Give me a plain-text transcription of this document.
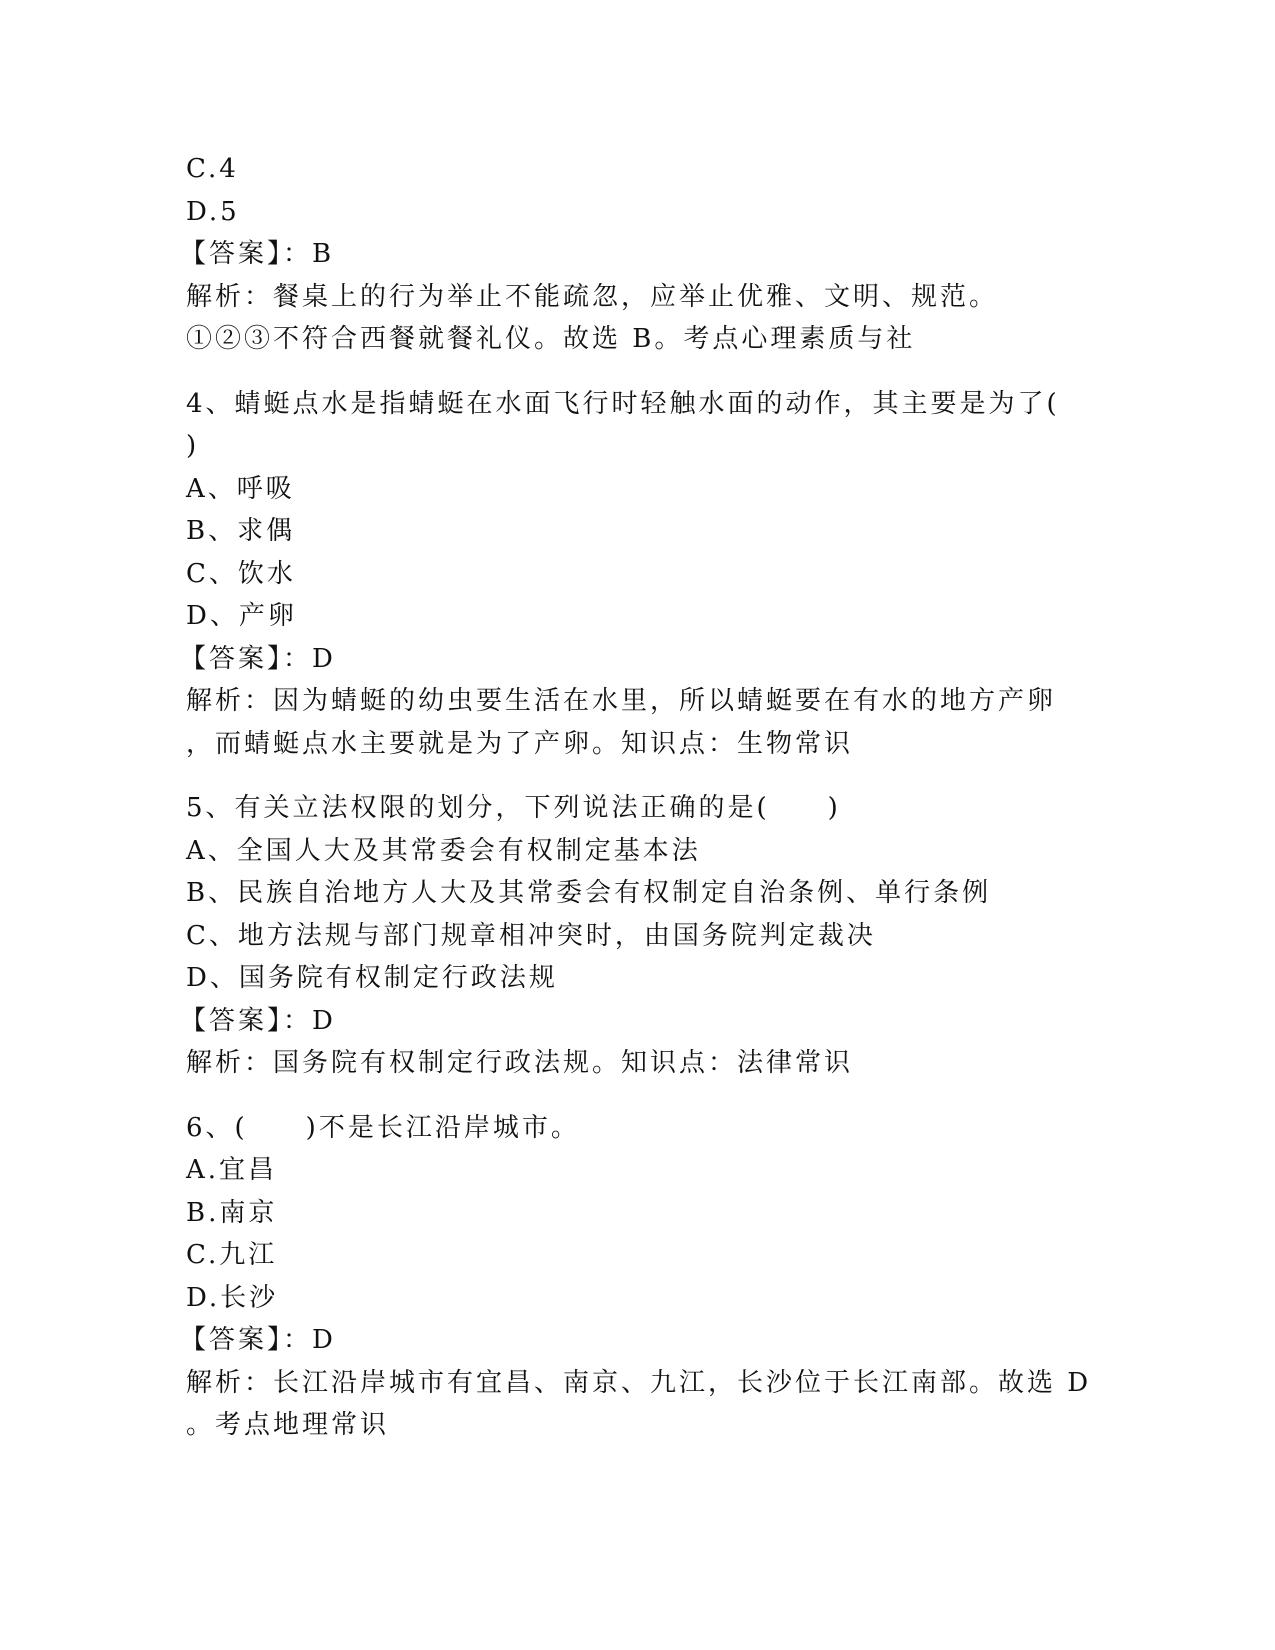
C.4
D.5
【答案】：B
解析：餐桌上的行为举止不能疏忽，应举止优雅、文明、规范。
①②③不符合西餐就餐礼仪。故选 B。考点心理素质与社
4、蜻蜓点水是指蜻蜓在水面飞行时轻触水面的动作，其主要是为了(
)
A、呼吸
B、求偶
C、饮水
D、产卵
【答案】：D
解析：因为蜻蜓的幼虫要生活在水里，所以蜻蜓要在有水的地方产卵
，而蜻蜓点水主要就是为了产卵。知识点：生物常识
5、有关立法权限的划分，下列说法正确的是(　　)
A、全国人大及其常委会有权制定基本法
B、民族自治地方人大及其常委会有权制定自治条例、单行条例
C、地方法规与部门规章相冲突时，由国务院判定裁决
D、国务院有权制定行政法规
【答案】：D
解析：国务院有权制定行政法规。知识点：法律常识
6、(　　)不是长江沿岸城市。
A.宜昌
B.南京
C.九江
D.长沙
【答案】：D
解析：长江沿岸城市有宜昌、南京、九江，长沙位于长江南部。故选 D
。考点地理常识
